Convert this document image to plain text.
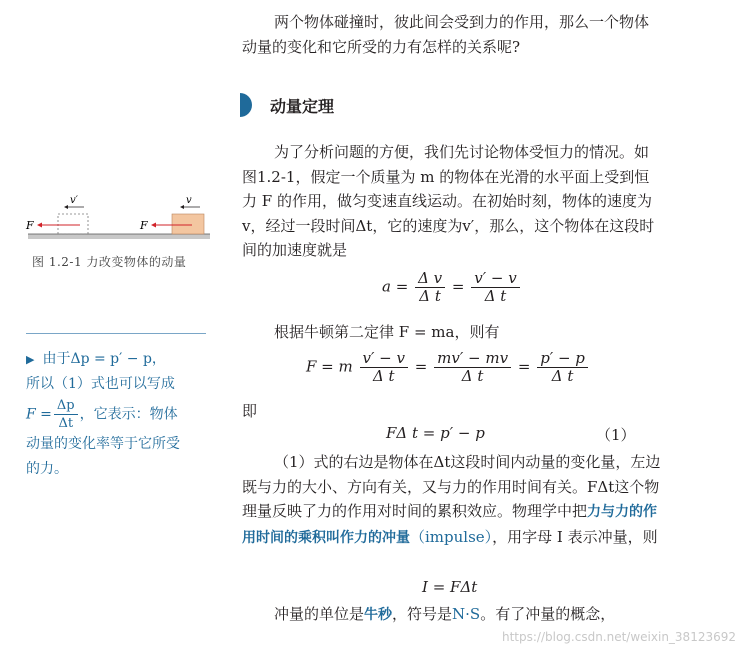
v′	v
F	F
图 1.2-1 力改变物体的动量
▶ 由于Δp = p′ − p，
所以（1）式也可以写成
$F = \frac{\Delta p}{\Delta t}$ ，它表示：物体
动量的变化率等于它所受
的力。

两个物体碰撞时，彼此间会受到力的作用，那么一个物体动量的变化和它所受的力有怎样的关系呢?

动量定理

为了分析问题的方便，我们先讨论物体受恒力的情况。如图1.2-1，假定一个质量为 m 的物体在光滑的水平面上受到恒力 F 的作用，做匀变速直线运动。在初始时刻，物体的速度为 v，经过一段时间Δt，它的速度为v′，那么，这个物体在这段时间的加速度就是

$a = \frac{\text{Δ v}}{\text{Δ t}} = \frac{v' - v}{\text{Δ t}}$

根据牛顿第二定律 F = ma，则有

F = m $\frac{v' - v}{\text{Δ t}} = \frac{mv' - mv}{\text{Δ t}} = \frac{p' - p}{\text{Δ t}}$

即

FΔ t = p′ − p	（1）

（1）式的右边是物体在Δt这段时间内动量的变化量，左边既与力的大小、方向有关，又与力的作用时间有关。FΔt这个物理量反映了力的作用对时间的累积效应。物理学中把力与力的作用时间的乘积叫作力的冲量（impulse），用字母 I 表示冲量，则

I = FΔt

冲量的单位是牛秒，符号是N·S。有了冲量的概念，

https://blog.csdn.net/weixin_38123692
